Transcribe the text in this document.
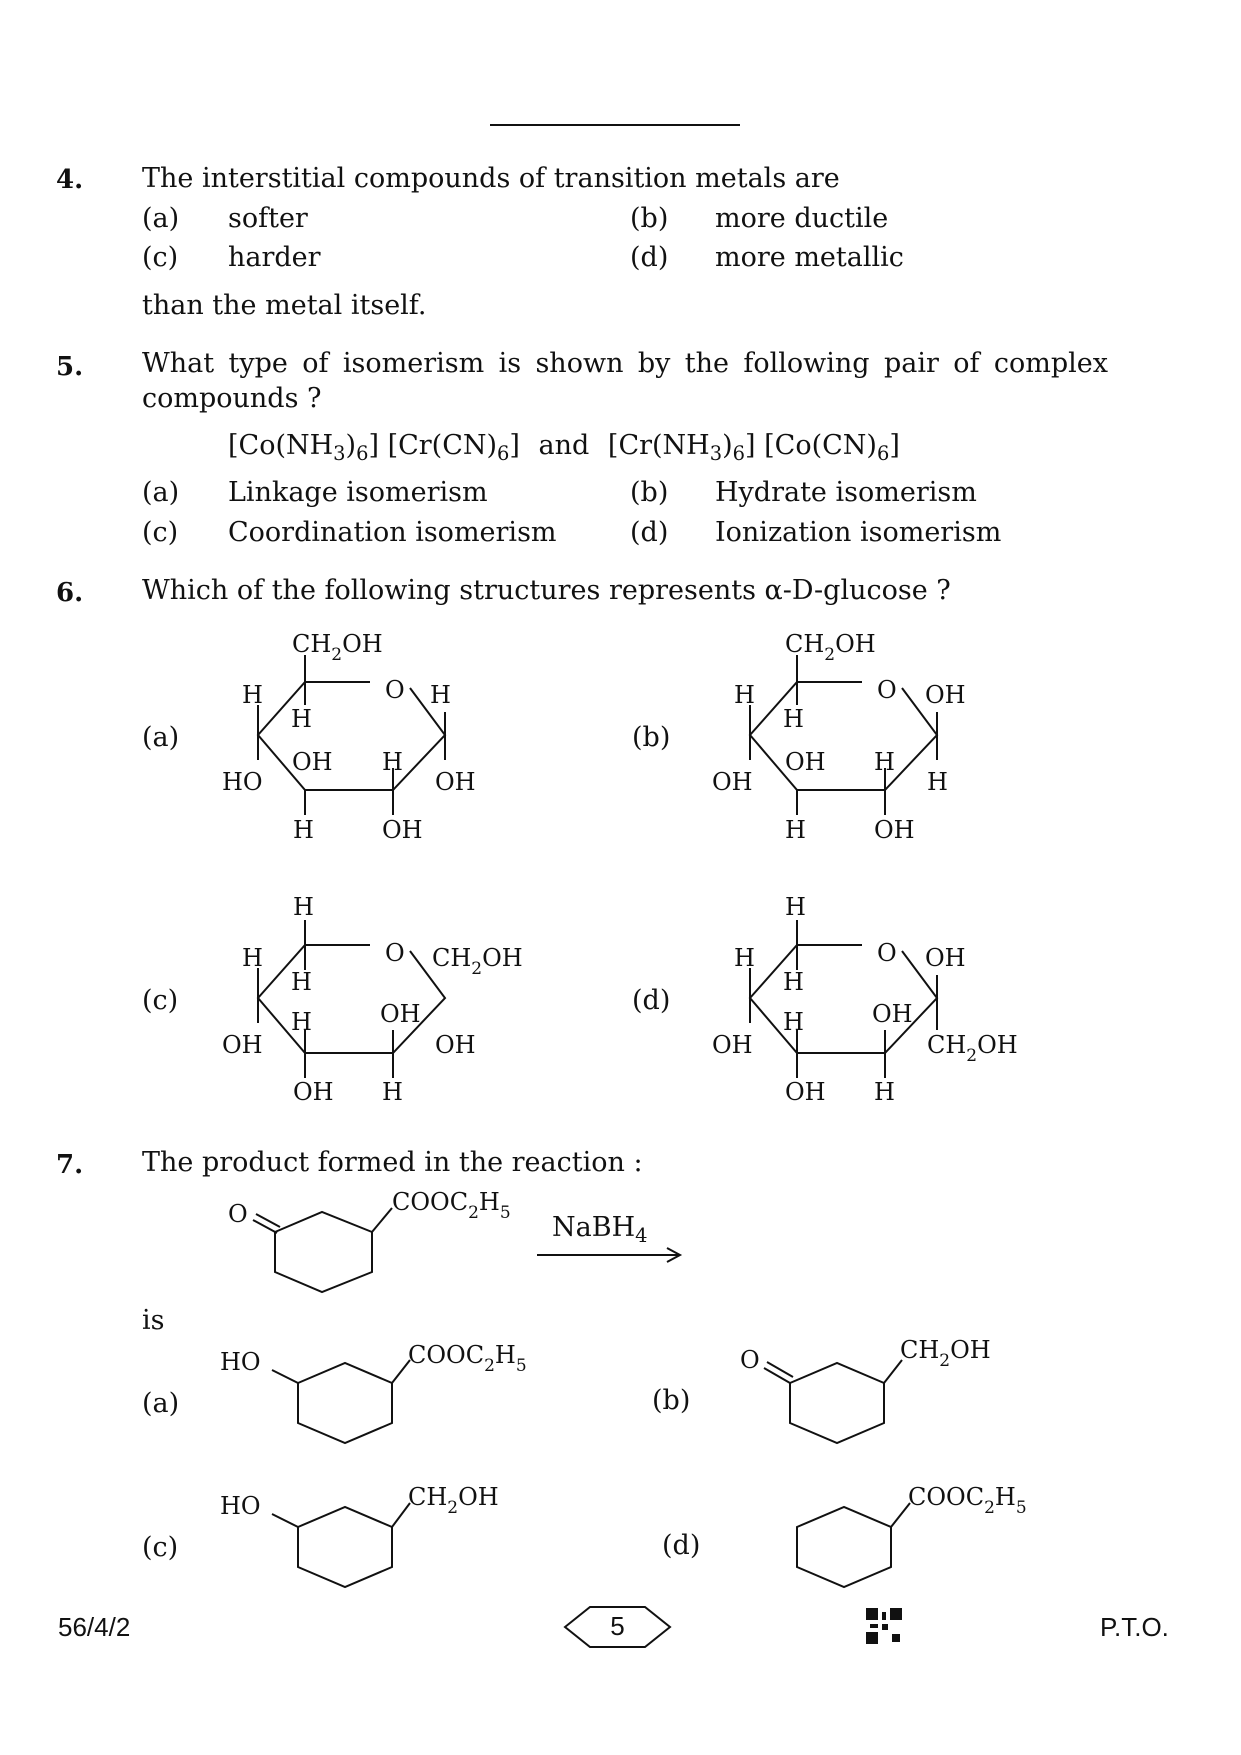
4. The interstitial compounds of transition metals are
(a) softer	(b) more ductile
(c) harder	(d) more metallic
than the metal itself.
5. What type of isomerism is shown by the following pair of complex
compounds ?
$[Co(NH_3)_6]$ $[Cr(CN)_6]$ and $[Cr(NH_3)_6]$ $[Co(CN)_6]$
(a) Linkage isomerism	(b) Hydrate isomerism
(c) Coordination isomerism	(d) Ionization isomerism
6. Which of the following structures represents α-D-glucose ?
(a)	(b)
(c)	(d)
$CH_2OH$
O H
H
H
HO
OH H
OH
H	OH
$CH_2OH$
O OH
H
H
OH
OH H
H
H	OH
H
O $CH_2OH$
H
H
H	OH
OH	OH
OH H
H
O OH
H
H
H	OH
OH	$CH_2OH$
OH H
7. The product formed in the reaction :
NaBH$_4$
is
(a)	(b)
(c)	(d)
O	$COOC_2H_5$
HO	$COOC_2H_5$	O	$CH_2OH$
HO	$CH_2OH$	$COOC_2H_5$
56/4/2	5	P.T.O.
